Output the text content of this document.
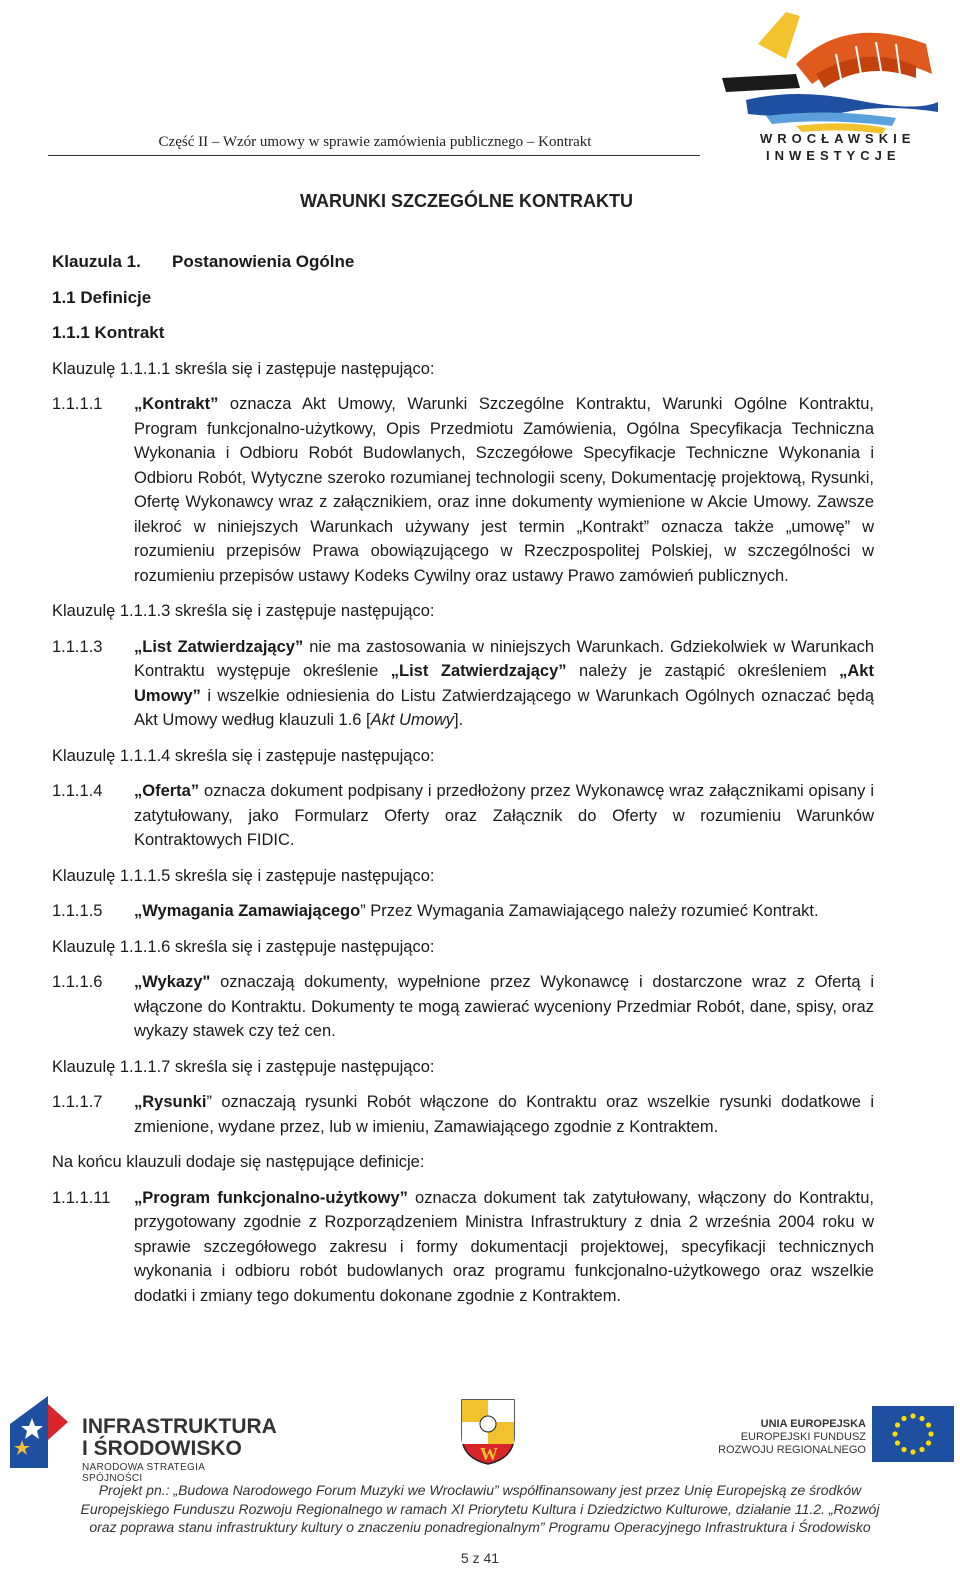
Część II – Wzór umowy w sprawie zamówienia publicznego – Kontrakt	WROCŁAWSKIE
INWESTYCJE
WARUNKI SZCZEGÓLNE KONTRAKTU
Klauzula 1.	Postanowienia Ogólne
1.1 Definicje
1.1.1 Kontrakt
Klauzulę 1.1.1.1 skreśla się i zastępuje następująco:
1.1.1.1	„Kontrakt” oznacza Akt Umowy, Warunki Szczególne Kontraktu, Warunki Ogólne Kontraktu, Program funkcjonalno-użytkowy, Opis Przedmiotu Zamówienia, Ogólna Specyfikacja Techniczna Wykonania i Odbioru Robót Budowlanych, Szczegółowe Specyfikacje Techniczne Wykonania i Odbioru Robót, Wytyczne szeroko rozumianej technologii sceny, Dokumentację projektową, Rysunki, Ofertę Wykonawcy wraz z załącznikiem, oraz inne dokumenty wymienione w Akcie Umowy. Zawsze ilekroć w niniejszych Warunkach używany jest termin „Kontrakt” oznacza także „umowę” w rozumieniu przepisów Prawa obowiązującego w Rzeczpospolitej Polskiej, w szczególności w rozumieniu przepisów ustawy Kodeks Cywilny oraz ustawy Prawo zamówień publicznych.
Klauzulę 1.1.1.3 skreśla się i zastępuje następująco:
1.1.1.3	„List Zatwierdzający” nie ma zastosowania w niniejszych Warunkach. Gdziekolwiek w Warunkach Kontraktu występuje określenie „List Zatwierdzający” należy je zastąpić określeniem „Akt Umowy” i wszelkie odniesienia do Listu Zatwierdzającego w Warunkach Ogólnych oznaczać będą Akt Umowy według klauzuli 1.6 [Akt Umowy].
Klauzulę 1.1.1.4 skreśla się i zastępuje następująco:
1.1.1.4	„Oferta” oznacza dokument podpisany i przedłożony przez Wykonawcę wraz załącznikami opisany i zatytułowany, jako Formularz Oferty oraz Załącznik do Oferty w rozumieniu Warunków Kontraktowych FIDIC.
Klauzulę 1.1.1.5 skreśla się i zastępuje następująco:
1.1.1.5	„Wymagania Zamawiającego” Przez Wymagania Zamawiającego należy rozumieć Kontrakt.
Klauzulę 1.1.1.6 skreśla się i zastępuje następująco:
1.1.1.6	„Wykazy" oznaczają dokumenty, wypełnione przez Wykonawcę i dostarczone wraz z Ofertą i włączone do Kontraktu. Dokumenty te mogą zawierać wyceniony Przedmiar Robót, dane, spisy, oraz wykazy stawek czy też cen.
Klauzulę 1.1.1.7 skreśla się i zastępuje następująco:
1.1.1.7	„Rysunki” oznaczają rysunki Robót włączone do Kontraktu oraz wszelkie rysunki dodatkowe i zmienione, wydane przez, lub w imieniu, Zamawiającego zgodnie z Kontraktem.
Na końcu klauzuli dodaje się następujące definicje:
1.1.1.11	„Program funkcjonalno-użytkowy” oznacza dokument tak zatytułowany, włączony do Kontraktu, przygotowany zgodnie z Rozporządzeniem Ministra Infrastruktury z dnia 2 września 2004 roku w sprawie szczegółowego zakresu i formy dokumentacji projektowej, specyfikacji technicznych wykonania i odbioru robót budowlanych oraz programu funkcjonalno-użytkowego oraz wszelkie dodatki i zmiany tego dokumentu dokonane zgodnie z Kontraktem.
INFRASTRUKTURA
I ŚRODOWISKO
NARODOWA STRATEGIA SPÓJNOŚCI
W
UNIA EUROPEJSKA
EUROPEJSKI FUNDUSZ
ROZWOJU REGIONALNEGO
Projekt pn.: „Budowa Narodowego Forum Muzyki we Wrocławiu” współfinansowany jest przez Unię Europejską ze środków
Europejskiego Funduszu Rozwoju Regionalnego w ramach XI Priorytetu Kultura i Dziedzictwo Kulturowe, działanie 11.2. „Rozwój
oraz poprawa stanu infrastruktury kultury o znaczeniu ponadregionalnym” Programu Operacyjnego Infrastruktura i Środowisko
5 z 41
